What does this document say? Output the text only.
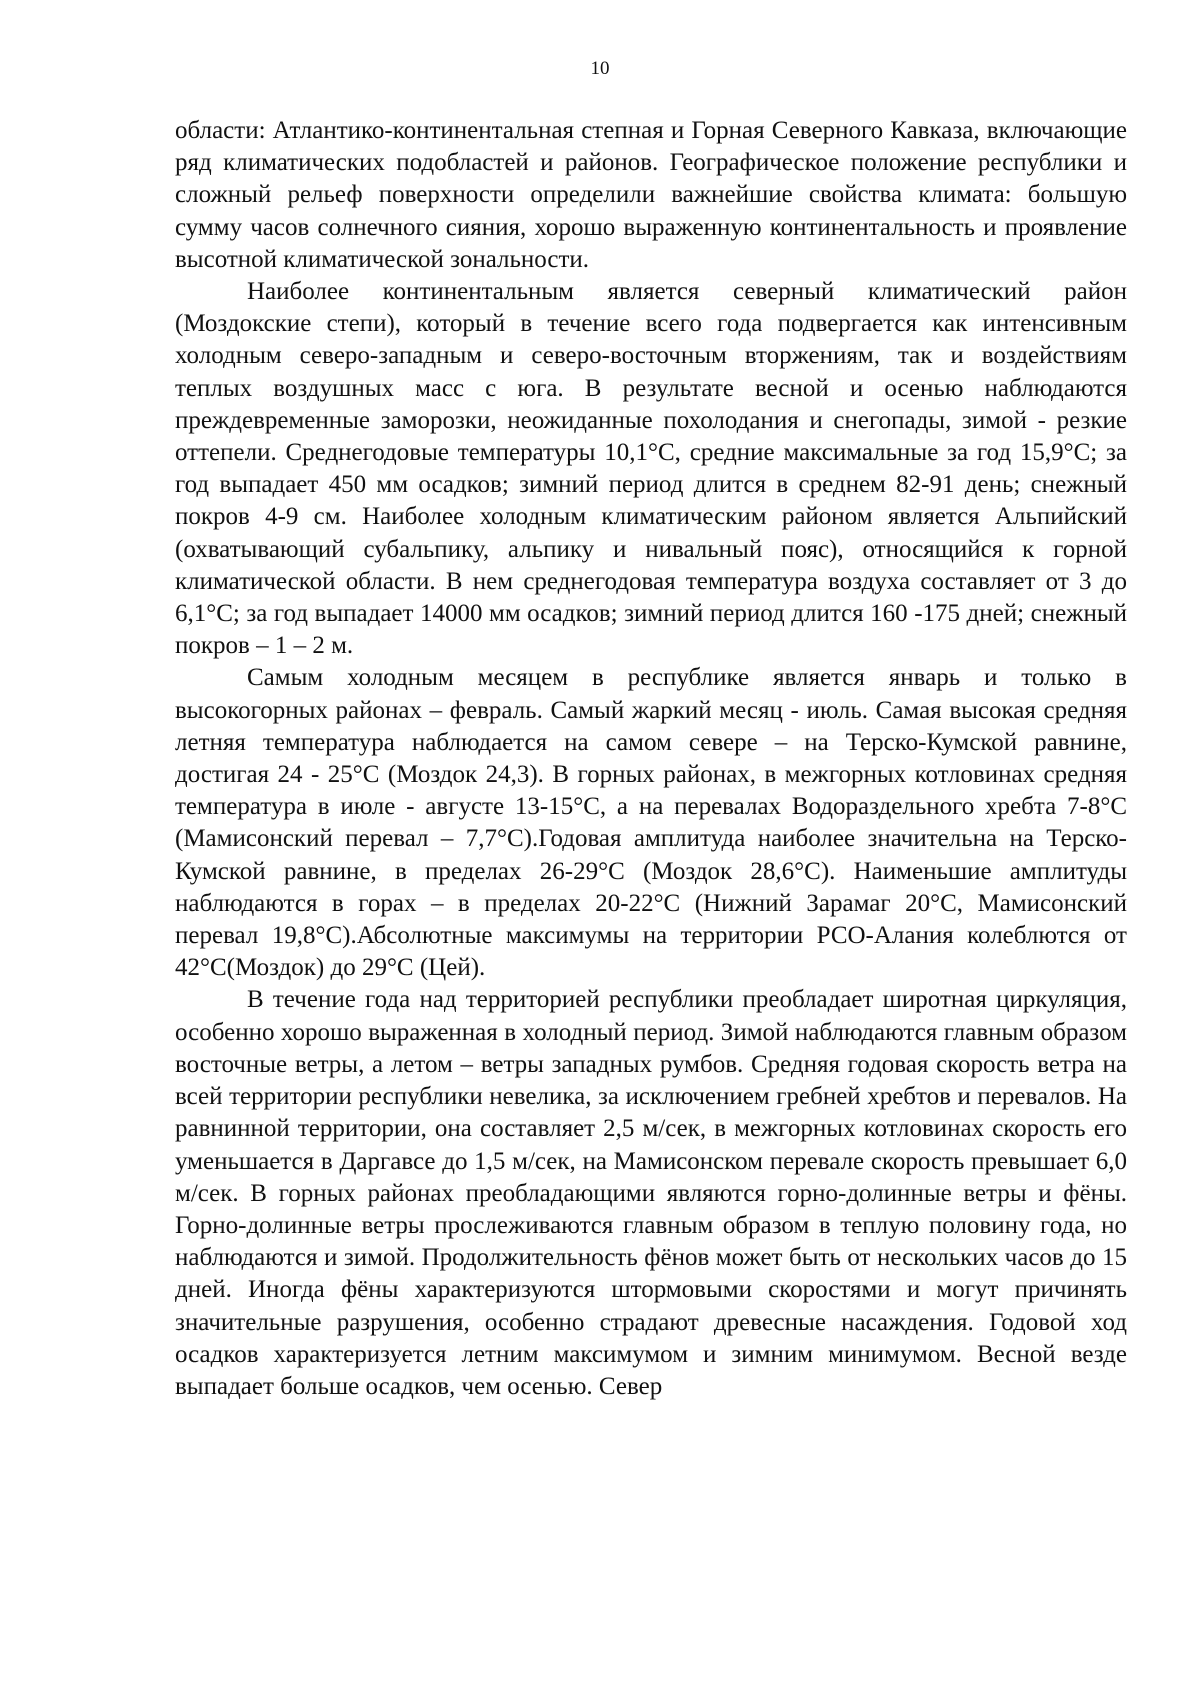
10

области: Атлантико-континентальная степная и Горная Северного Кавказа, включающие ряд климатических подобластей и районов. Географическое положение республики и сложный рельеф поверхности определили важнейшие свойства климата: большую сумму часов солнечного сияния, хорошо выраженную континентальность и проявление высотной климатической зональности.

Наиболее континентальным является северный климатический район (Моздокские степи), который в течение всего года подвергается как интенсивным холодным северо-западным и северо-восточным вторжениям, так и воздействиям теплых воздушных масс с юга. В результате весной и осенью наблюдаются преждевременные заморозки, неожиданные похолодания и снегопады, зимой - резкие оттепели. Среднегодовые температуры 10,1°С, средние максимальные за год 15,9°С; за год выпадает 450 мм осадков; зимний период длится в среднем 82-91 день; снежный покров 4-9 см. Наиболее холодным климатическим районом является Альпийский (охватывающий субальпику, альпику и нивальный пояс), относящийся к горной климатической области. В нем среднегодовая температура воздуха составляет от 3 до 6,1°С; за год выпадает 14000 мм осадков; зимний период длится 160 -175 дней; снежный покров – 1 – 2 м.

Самым холодным месяцем в республике является январь и только в высокогорных районах – февраль. Самый жаркий месяц - июль. Самая высокая средняя летняя температура наблюдается на самом севере – на Терско-Кумской равнине, достигая 24 - 25°С (Моздок 24,3). В горных районах, в межгорных котловинах средняя температура в июле - августе 13-15°С, а на перевалах Водораздельного хребта 7-8°С (Мамисонский перевал – 7,7°С).Годовая амплитуда наиболее значительна на Терско-Кумской равнине, в пределах 26-29°С (Моздок 28,6°С). Наименьшие амплитуды наблюдаются в горах – в пределах 20-22°С (Нижний Зарамаг 20°С, Мамисонский перевал 19,8°С).Абсолютные максимумы на территории РСО-Алания колеблются от 42°С(Моздок) до 29°С (Цей).

В течение года над территорией республики преобладает широтная циркуляция, особенно хорошо выраженная в холодный период. Зимой наблюдаются главным образом восточные ветры, а летом – ветры западных румбов. Средняя годовая скорость ветра на всей территории республики невелика, за исключением гребней хребтов и перевалов. На равнинной территории, она составляет 2,5 м/сек, в межгорных котловинах скорость его уменьшается в Даргавсе до 1,5 м/сек, на Мамисонском перевале скорость превышает 6,0 м/сек. В горных районах преобладающими являются горно-долинные ветры и фёны. Горно-долинные ветры прослеживаются главным образом в теплую половину года, но наблюдаются и зимой. Продолжительность фёнов может быть от нескольких часов до 15 дней. Иногда фёны характеризуются штормовыми скоростями и могут причинять значительные разрушения, особенно страдают древесные насаждения. Годовой ход осадков характеризуется летним максимумом и зимним минимумом. Весной везде выпадает больше осадков, чем осенью. Север
